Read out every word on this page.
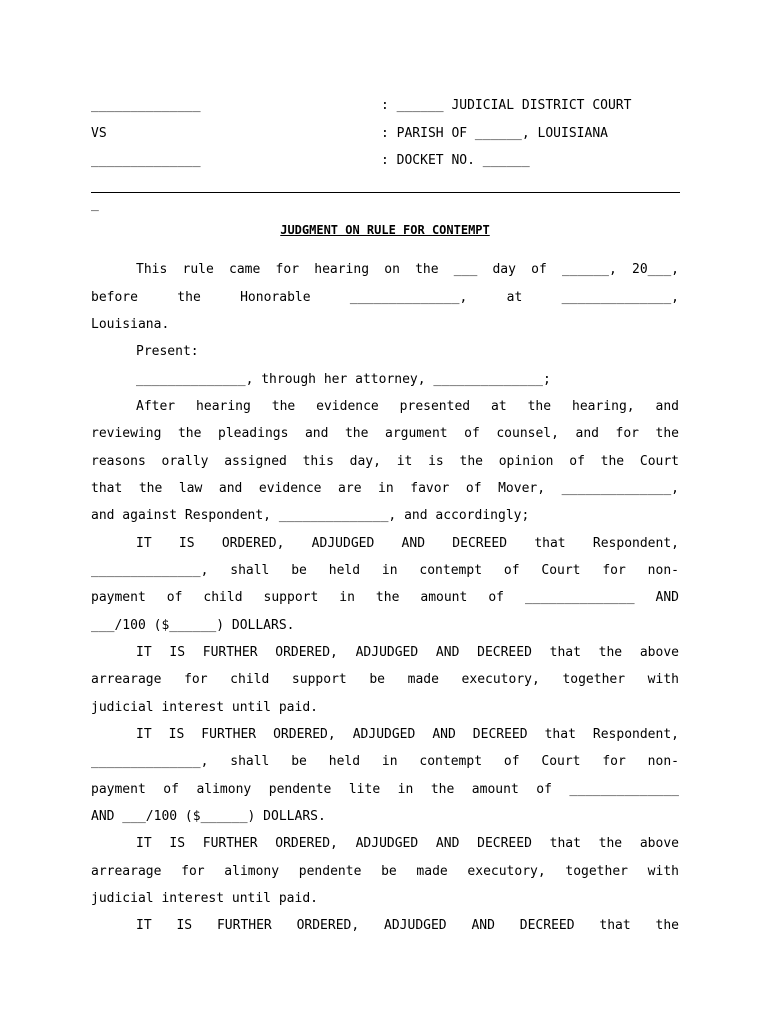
______________	: ______ JUDICIAL DISTRICT COURT
VS	: PARISH OF ______, LOUISIANA
______________	: DOCKET NO. ______
_
JUDGMENT ON RULE FOR CONTEMPT
This rule came for hearing on the ___ day of ______, 20___,
before the Honorable ______________, at ______________,
Louisiana.
Present:
______________, through her attorney, ______________;
After hearing the evidence presented at the hearing, and
reviewing the pleadings and the argument of counsel, and for the
reasons orally assigned this day, it is the opinion of the Court
that the law and evidence are in favor of Mover, ______________,
and against Respondent, ______________, and accordingly;
IT IS ORDERED, ADJUDGED AND DECREED that Respondent,
______________, shall be held in contempt of Court for non-
payment of child support in the amount of ______________ AND
___/100 ($______) DOLLARS.
IT IS FURTHER ORDERED, ADJUDGED AND DECREED that the above
arrearage for child support be made executory, together with
judicial interest until paid.
IT IS FURTHER ORDERED, ADJUDGED AND DECREED that Respondent,
______________, shall be held in contempt of Court for non-
payment of alimony pendente lite in the amount of ______________
AND ___/100 ($______) DOLLARS.
IT IS FURTHER ORDERED, ADJUDGED AND DECREED that the above
arrearage for alimony pendente be made executory, together with
judicial interest until paid.
IT IS FURTHER ORDERED, ADJUDGED AND DECREED that the
